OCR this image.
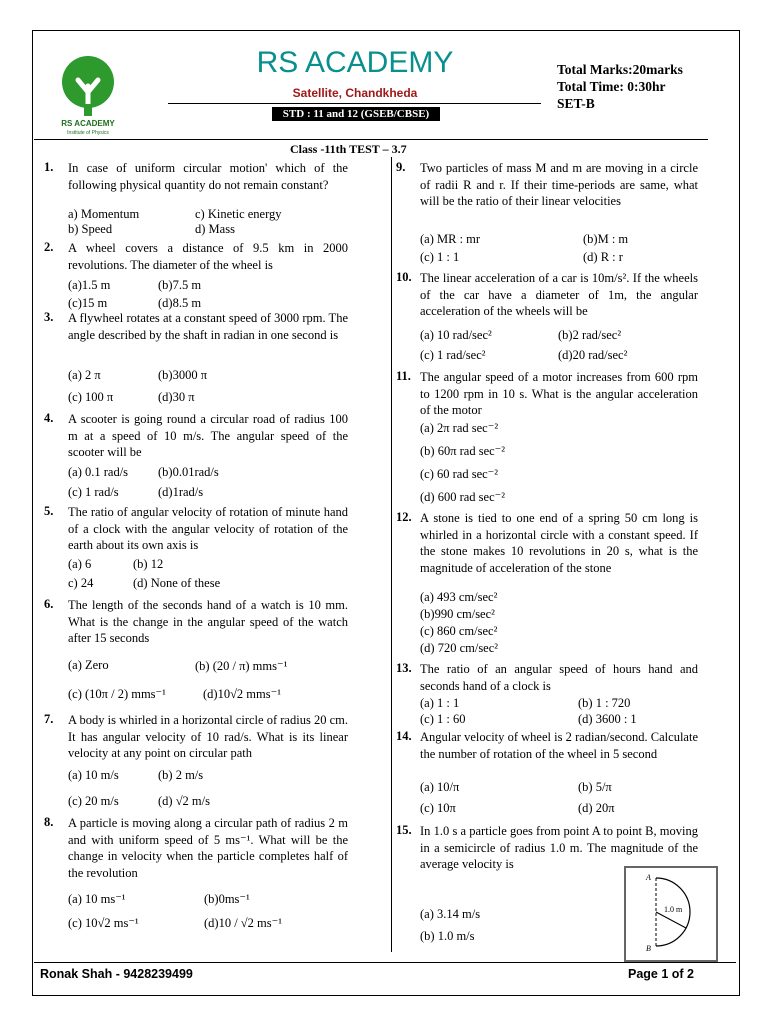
RS ACADEMY
Institute of Physics
RS ACADEMY
Satellite, Chandkheda
STD : 11 and 12 (GSEB/CBSE)
Total Marks:20marks
Total Time: 0:30hr
SET-B
Class -11th TEST – 3.7
1. In case of uniform circular motion' which of the following physical quantity do not remain constant?
a) Momentum
b) Speed
c) Kinetic energy
d) Mass
2. A wheel covers a distance of 9.5 km in 2000 revolutions. The diameter of the wheel is
(a)1.5 m	(b)7.5 m
(c)15 m	(d)8.5 m
3. A flywheel rotates at a constant speed of 3000 rpm. The angle described by the shaft in radian in one second is
(a) 2 π	(b)3000 π
(c) 100 π	(d)30 π
4. A scooter is going round a circular road of radius 100 m at a speed of 10 m/s. The angular speed of the scooter will be
(a) 0.1 rad/s (b)0.01rad/s
(c) 1 rad/s	(d)1rad/s
5. The ratio of angular velocity of rotation of minute hand of a clock with the angular velocity of rotation of the earth about its own axis is
(a) 6	(b) 12
c) 24	(d) None of these
6. The length of the seconds hand of a watch is 10 mm. What is the change in the angular speed of the watch after 15 seconds
(a) Zero	(b) (20 / π) mms⁻¹
(c) (10π / 2) mms⁻¹	(d)10√2 mms⁻¹
7. A body is whirled in a horizontal circle of radius 20 cm. It has angular velocity of 10 rad/s. What is its linear velocity at any point on circular path
(a) 10 m/s	(b) 2 m/s
(c) 20 m/s	(d) √2 m/s
8. A particle is moving along a circular path of radius 2 m and with uniform speed of 5 ms⁻¹. What will be the change in velocity when the particle completes half of the revolution
(a) 10 ms⁻¹	(b)0ms⁻¹
(c) 10√2 ms⁻¹	(d)10 / √2 ms⁻¹
9. Two particles of mass M and m are moving in a circle of radii R and r. If their time-periods are same, what will be the ratio of their linear velocities
(a) MR : mr	(b)M : m
(c) 1 : 1	(d) R : r
10. The linear acceleration of a car is 10m/s². If the wheels of the car have a diameter of 1m, the angular acceleration of the wheels will be
(a) 10 rad/sec²	(b)2 rad/sec²
(c) 1 rad/sec²	(d)20 rad/sec²
11. The angular speed of a motor increases from 600 rpm to 1200 rpm in 10 s. What is the angular acceleration of the motor
(a) 2π rad sec⁻²
(b) 60π rad sec⁻²
(c) 60 rad sec⁻²
(d) 600 rad sec⁻²
12. A stone is tied to one end of a spring 50 cm long is whirled in a horizontal circle with a constant speed. If the stone makes 10 revolutions in 20 s, what is the magnitude of acceleration of the stone
(a) 493 cm/sec²
(b)990 cm/sec²
(c) 860 cm/sec²
(d) 720 cm/sec²
13. The ratio of an angular speed of hours hand and seconds hand of a clock is
(a) 1 : 1	(b) 1 : 720
(c) 1 : 60	(d) 3600 : 1
14. Angular velocity of wheel is 2 radian/second. Calculate the number of rotation of the wheel in 5 second
(a) 10/π	(b) 5/π
(c) 10π	(d) 20π
15. In 1.0 s a particle goes from point A to point B, moving in a semicircle of radius 1.0 m. The magnitude of the average velocity is
(a) 3.14 m/s
(b) 1.0 m/s
A
B
1.0 m
Ronak Shah - 9428239499	Page 1 of 2
